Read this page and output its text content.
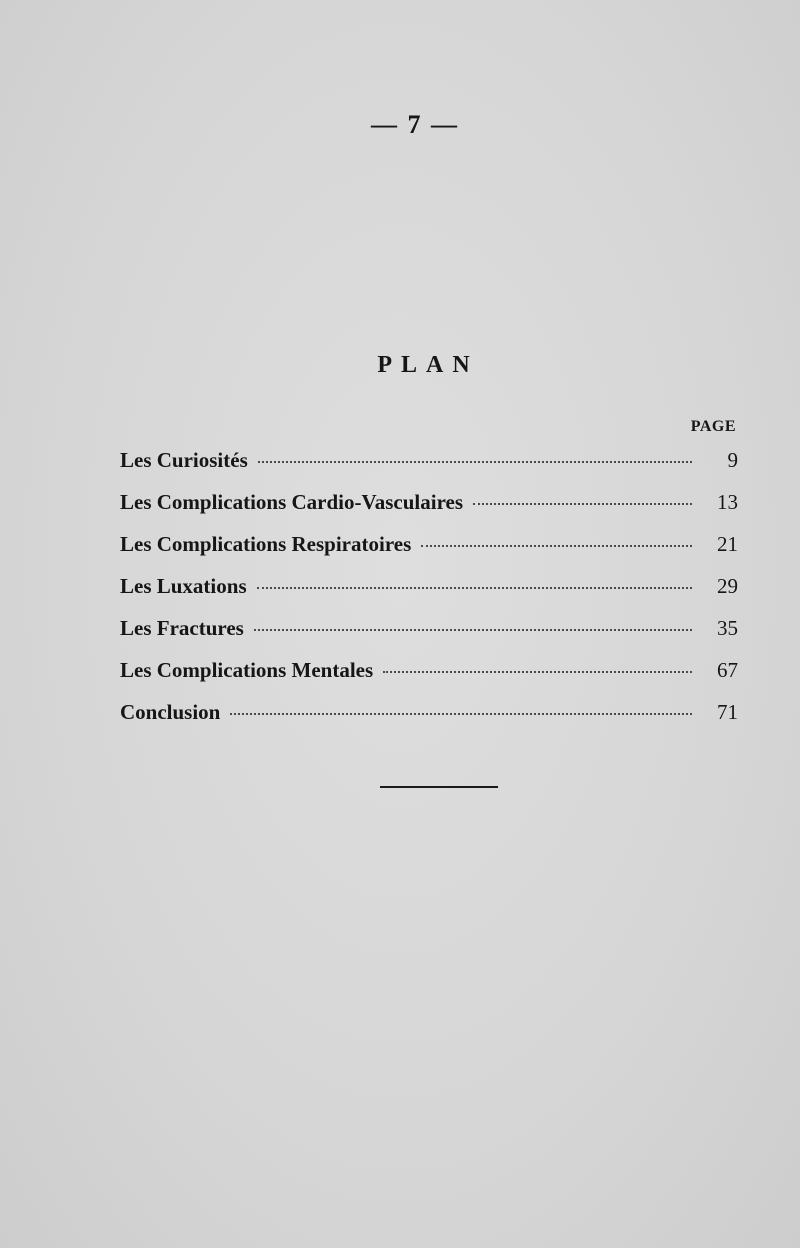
— 7 —
PLAN
PAGE
Les Curiosités	9
Les Complications Cardio-Vasculaires	13
Les Complications Respiratoires	21
Les Luxations	29
Les Fractures	35
Les Complications Mentales	67
Conclusion	71
